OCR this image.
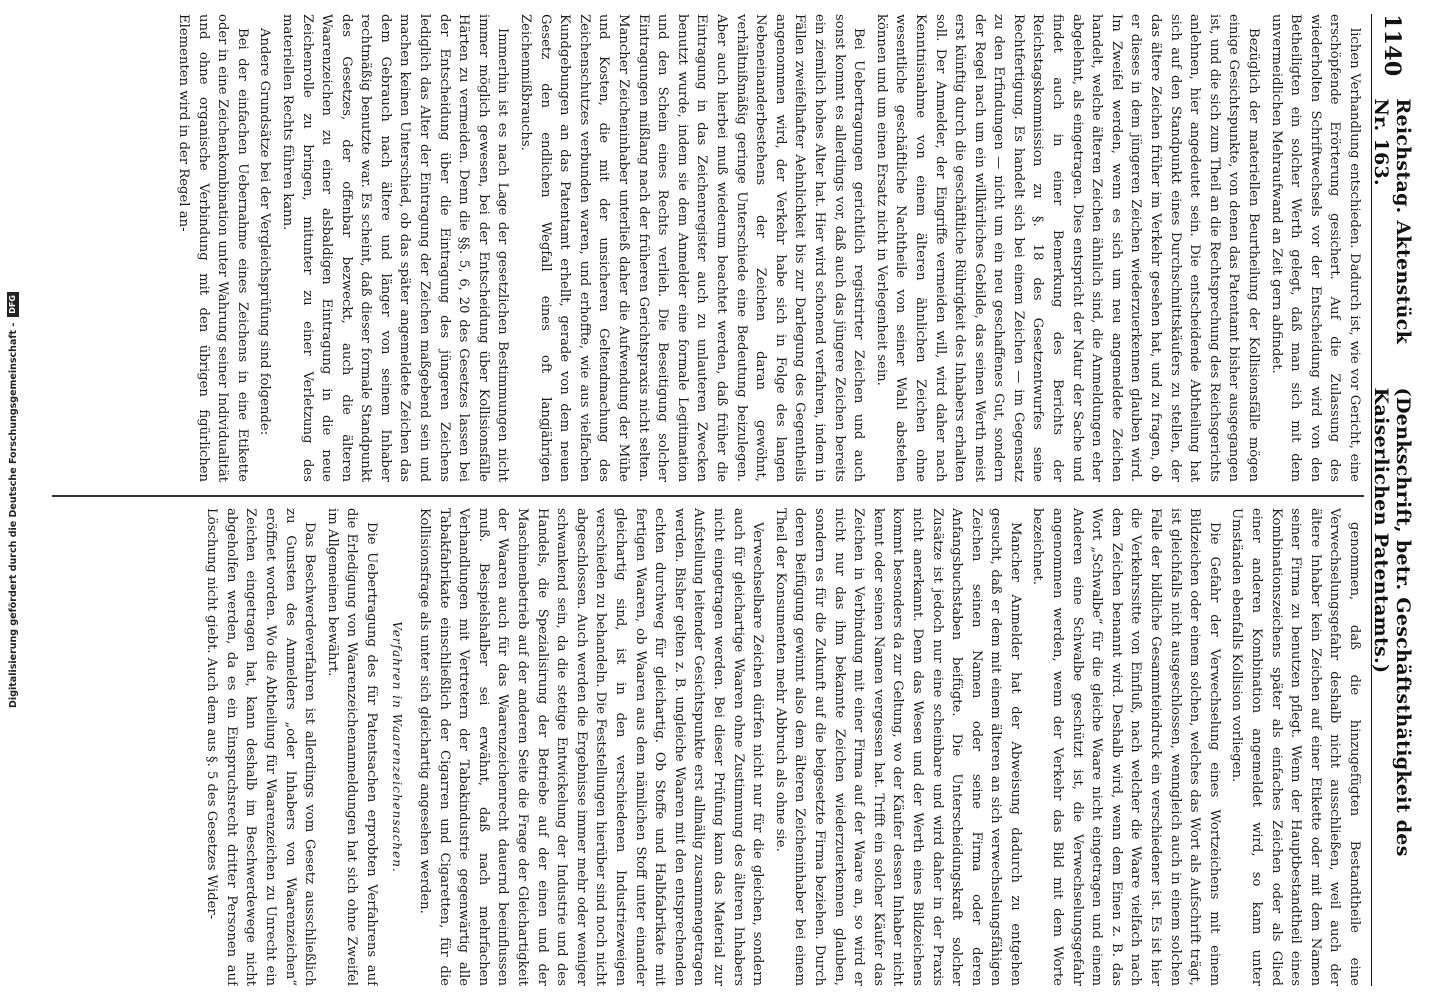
Digitalisierung gefördert durch die Deutsche Forschungsgemeinschaft -
DFG
1140
Reichstag. Aktenstück Nr. 163.
(Denkschrift, betr. Geschäftsthätigkeit des Kaiserlichen Patentamts.)

lichen Verhandlung entschieden. Dadurch ist, wie vor Gericht, eine erschöpfende Erörterung gesichert. Auf die Zulassung des wiederholten Schriftwechsels vor der Entscheidung wird von den Betheiligten ein solcher Werth gelegt, daß man sich mit dem unvermeidlichen Mehraufwand an Zeit gern abfindet.

Bezüglich der materiellen Beurtheilung der Kollisionsfälle mögen einige Gesichtspunkte, von denen das Patentamt bisher ausgegangen ist, und die sich zum Theil an die Rechtsprechung des Reichsgerichts anlehnen, hier angedeutet sein. Die entscheidende Abtheilung hat sich auf den Standpunkt eines Durchschnittskäufers zu stellen, der das ältere Zeichen früher im Verkehr gesehen hat, und zu fragen, ob er dieses in dem jüngeren Zeichen wiederzuerkennen glauben wird. Im Zweifel werden, wenn es sich um neu angemeldete Zeichen handelt, welche älteren Zeichen ähnlich sind, die Anmeldungen eher abgelehnt, als eingetragen. Dies entspricht der Natur der Sache und findet auch in einer Bemerkung des Berichts der Reichstagskommission zu §. 18 des Gesetzentwurfes seine Rechtfertigung. Es handelt sich bei einem Zeichen — im Gegensatz zu den Erfindungen — nicht um ein neu geschaffenes Gut, sondern der Regel nach um ein willkürliches Gebilde, das seinen Werth meist erst künftig durch die geschäftliche Rührigkeit des Inhabers erhalten soll. Der Anmelder, der Eingriffe vermeiden will, wird daher nach Kenntnisnahme von einem älteren ähnlichen Zeichen ohne wesentliche geschäftliche Nachtheile von seiner Wahl abstehen können und um einen Ersatz nicht in Verlegenheit sein.

Bei Uebertragungen gerichtlich registrirter Zeichen und auch sonst kommt es allerdings vor, daß auch das jüngere Zeichen bereits ein ziemlich hohes Alter hat. Hier wird schonend verfahren, indem in Fällen zweifelhafter Aehnlichkeit bis zur Darlegung des Gegentheils angenommen wird, der Verkehr habe sich in Folge des langen Nebeneinanderbestehens der Zeichen daran gewöhnt, verhältnißmäßig geringe Unterschiede eine Bedeutung beizulegen. Aber auch hierbei muß wiederum beachtet werden, daß früher die Eintragung in das Zeichenregister auch zu unlauteren Zwecken benutzt wurde, indem sie dem Anmelder eine formale Legitimation und den Schein eines Rechts verlieh. Die Beseitigung solcher Eintragungen mißlang nach der früheren Gerichtspraxis nicht selten. Mancher Zeicheninhaber unterließ daher die Aufwendung der Mühe und Kosten, die mit der unsicheren Geltendmachung des Zeichenschutzes verbunden waren, und erhoffte, wie aus vielfachen Kundgebungen an das Patentamt erhellt, gerade von dem neuen Gesetz den endlichen Wegfall eines oft langjährigen Zeichenmißbrauchs.

Immerhin ist es nach Lage der gesetzlichen Bestimmungen nicht immer möglich gewesen, bei der Entscheidung über Kollisionsfälle Härten zu vermeiden. Denn die §§. 5, 6, 20 des Gesetzes lassen bei der Entscheidung über die Eintragung des jüngeren Zeichens lediglich das Alter der Eintragung der Zeichen maßgebend sein und machen keinen Unterschied, ob das später angemeldete Zeichen das dem Gebrauch nach ältere und länger von seinem Inhaber rechtmäßig benutzte war. Es scheint, daß dieser formale Standpunkt des Gesetzes, der offenbar bezweckt, auch die älteren Waarenzeichen zu einer alsbaldigen Eintragung in die neue Zeichenrolle zu bringen, mitunter zu einer Verletzung des materiellen Rechts führen kann.

Andere Grundsätze bei der Vergleichsprüfung sind folgende:

Bei der einfachen Uebernahme eines Zeichens in eine Etikette oder in eine Zeichenkombination unter Wahrung seiner Individualität und ohne organische Verbindung mit den übrigen figürlichen Elementen wird in der Regel an-

genommen, daß die hinzugefügten Bestandtheile eine Verwechselungsgefahr deshalb nicht ausschließen, weil auch der ältere Inhaber kein Zeichen auf einer Etikette oder mit dem Namen seiner Firma zu benutzen pflegt. Wenn der Hauptbestandtheil eines Kombinationszeichens später als einfaches Zeichen oder als Glied einer anderen Kombination angemeldet wird, so kann unter Umständen ebenfalls Kollision vorliegen.

Die Gefahr der Verwechselung eines Wortzeichens mit einem Bildzeichen oder einem solchen, welches das Wort als Aufschrift trägt, ist gleichfalls nicht ausgeschlossen, wenngleich auch in einem solchen Falle der bildliche Gesammteindruck ein verschiedener ist. Es ist hier die Verkehrssitte von Einfluß, nach welcher die Waare vielfach nach dem Zeichen benannt wird. Deshalb wird, wenn dem Einen z. B. das Wort „Schwalbe“ für die gleiche Waare nicht eingetragen und einem Anderen eine Schwalbe geschützt ist, die Verwechselungsgefahr angenommen werden, wenn der Verkehr das Bild mit dem Worte bezeichnet.

Mancher Anmelder hat der Abweisung dadurch zu entgehen gesucht, daß er dem mit einem älteren an sich verwechselungsfähigen Zeichen seinen Namen oder seine Firma oder deren Anfangsbuchstaben beifügte. Die Unterscheidungskraft solcher Zusätze ist jedoch nur eine scheinbare und wird daher in der Praxis nicht anerkannt. Denn das Wesen und der Werth eines Bildzeichens kommt besonders da zur Geltung, wo der Käufer dessen Inhaber nicht kennt oder seinen Namen vergessen hat. Trifft ein solcher Käufer das Zeichen in Verbindung mit einer Firma auf der Waare an, so wird er nicht nur das ihm bekannte Zeichen wiederzuerkennen glauben, sondern es für die Zukunft auf die beigesetzte Firma beziehen. Durch deren Beifügung gewinnt also dem älteren Zeicheninhaber bei einem Theil der Konsumenten mehr Abbruch als ohne sie.

Verwechselbare Zeichen dürfen nicht nur für die gleichen, sondern auch für gleichartige Waaren ohne Zustimmung des älteren Inhabers nicht eingetragen werden. Bei dieser Prüfung kann das Material zur Aufstellung leitender Gesichtspunkte erst allmälig zusammengetragen werden. Bisher gelten z. B. ungleiche Waaren mit den entsprechenden echten durchweg für gleichartig. Ob Stoffe und Halbfabrikate mit fertigen Waaren, ob Waaren aus dem nämlichen Stoff unter einander gleichartig sind, ist in den verschiedenen Industriezweigen verschieden zu behandeln. Die Feststellungen hierüber sind noch nicht abgeschlossen. Auch werden die Ergebnisse immer mehr oder weniger schwankend sein, da die stetige Entwickelung der Industrie und des Handels, die Spezialisirung der Betriebe auf der einen und der Maschinenbetrieb auf der anderen Seite die Frage der Gleichartigkeit der Waaren auch für das Waarenzeichenrecht dauernd beeinflussen muß. Beispielshalber sei erwähnt, daß nach mehrfachen Verhandlungen mit Vertretern der Tabakindustrie gegenwärtig alle Tabakfabrikate einschließlich der Cigarren und Cigaretten, für die Kollisionsfrage als unter sich gleichartig angesehen werden.

Verfahren in Waarenzeichensachen.

Die Uebertragung des für Patentsachen erprobten Verfahrens auf die Erledigung von Waarenzeichenanmeldungen hat sich ohne Zweifel im Allgemeinen bewährt.

Das Beschwerdeverfahren ist allerdings vom Gesetz ausschließlich zu Gunsten des Anmelders „oder Inhabers von Waarenzeichen“ eröffnet worden. Wo die Abtheilung für Waarenzeichen zu Unrecht ein Zeichen eingetragen hat, kann deshalb im Beschwerdewege nicht abgeholfen werden, da es ein Einspruchsrecht dritter Personen auf Löschung nicht giebt. Auch dem aus §. 5 des Gesetzes Wider-
